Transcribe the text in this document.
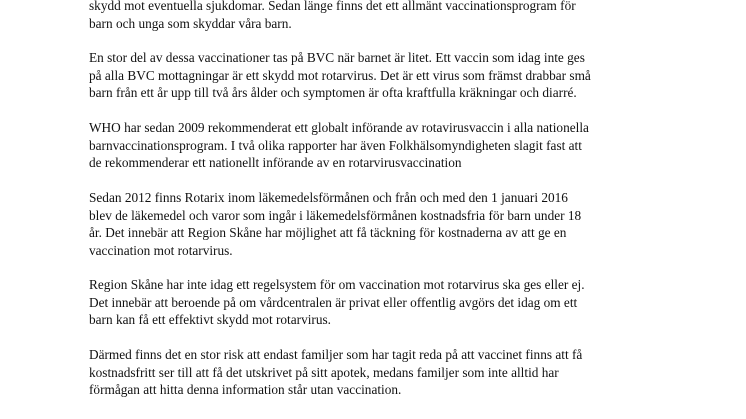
skydd mot eventuella sjukdomar. Sedan länge finns det ett allmänt vaccinationsprogram för
barn och unga som skyddar våra barn.

En stor del av dessa vaccinationer tas på BVC när barnet är litet. Ett vaccin som idag inte ges
på alla BVC mottagningar är ett skydd mot rotarvirus. Det är ett virus som främst drabbar små
barn från ett år upp till två års ålder och symptomen är ofta kraftfulla kräkningar och diarré.

WHO har sedan 2009 rekommenderat ett globalt införande av rotavirusvaccin i alla nationella
barnvaccinationsprogram. I två olika rapporter har även Folkhälsomyndigheten slagit fast att
de rekommenderar ett nationellt införande av en rotarvirusvaccination

Sedan 2012 finns Rotarix inom läkemedelsförmånen och från och med den 1 januari 2016
blev de läkemedel och varor som ingår i läkemedelsförmånen kostnadsfria för barn under 18
år. Det innebär att Region Skåne har möjlighet att få täckning för kostnaderna av att ge en
vaccination mot rotarvirus.

Region Skåne har inte idag ett regelsystem för om vaccination mot rotarvirus ska ges eller ej.
Det innebär att beroende på om vårdcentralen är privat eller offentlig avgörs det idag om ett
barn kan få ett effektivt skydd mot rotarvirus.

Därmed finns det en stor risk att endast familjer som har tagit reda på att vaccinet finns att få
kostnadsfritt ser till att få det utskrivet på sitt apotek, medans familjer som inte alltid har
förmågan att hitta denna information står utan vaccination.
